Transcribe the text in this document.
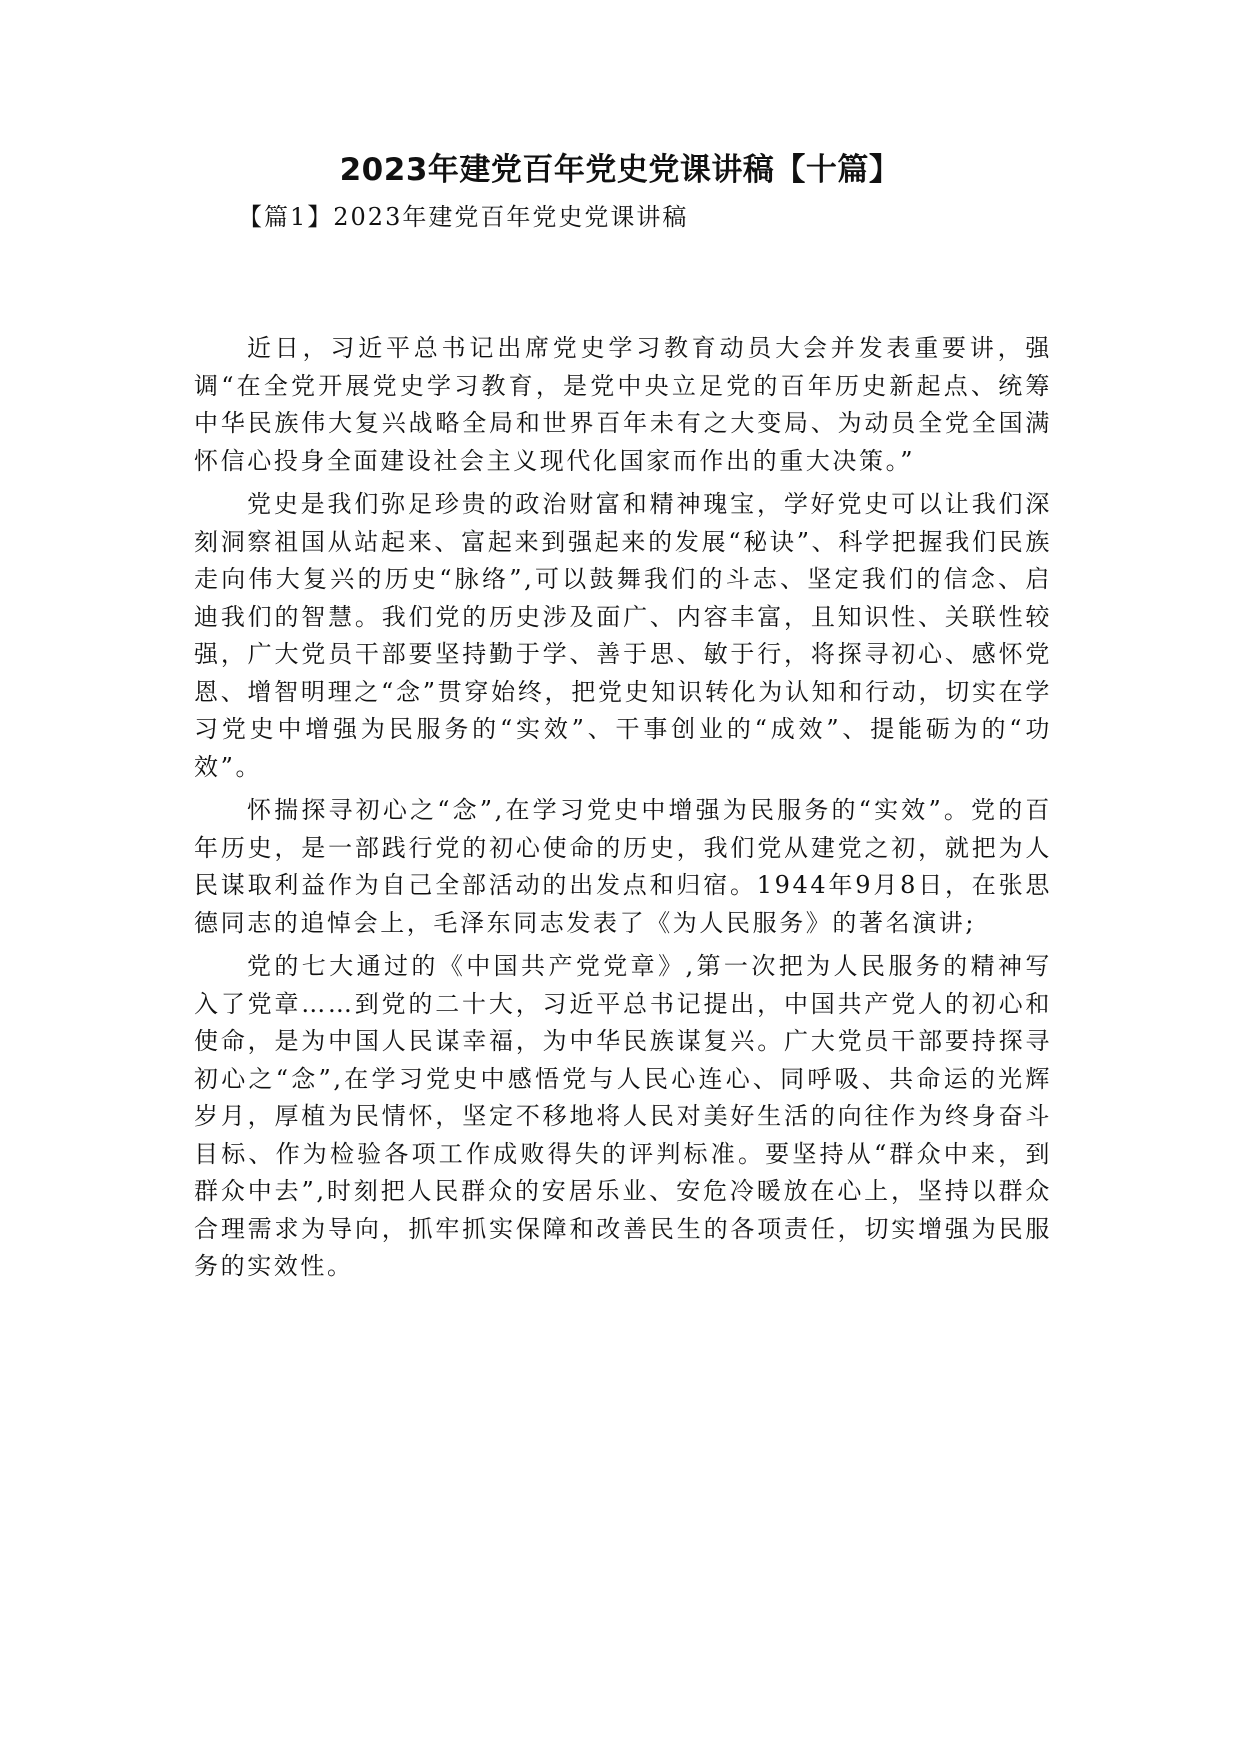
2023年建党百年党史党课讲稿【十篇】
【篇1】2023年建党百年党史党课讲稿

近日，习近平总书记出席党史学习教育动员大会并发表重要讲，强调“在全党开展党史学习教育，是党中央立足党的百年历史新起点、统筹中华民族伟大复兴战略全局和世界百年未有之大变局、为动员全党全国满怀信心投身全面建设社会主义现代化国家而作出的重大决策。”

党史是我们弥足珍贵的政治财富和精神瑰宝，学好党史可以让我们深刻洞察祖国从站起来、富起来到强起来的发展“秘诀”、科学把握我们民族走向伟大复兴的历史“脉络”,可以鼓舞我们的斗志、坚定我们的信念、启迪我们的智慧。我们党的历史涉及面广、内容丰富，且知识性、关联性较强，广大党员干部要坚持勤于学、善于思、敏于行，将探寻初心、感怀党恩、增智明理之“念”贯穿始终，把党史知识转化为认知和行动，切实在学习党史中增强为民服务的“实效”、干事创业的“成效”、提能砺为的“功效”。

怀揣探寻初心之“念”,在学习党史中增强为民服务的“实效”。党的百年历史，是一部践行党的初心使命的历史，我们党从建党之初，就把为人民谋取利益作为自己全部活动的出发点和归宿。1944年9月8日，在张思德同志的追悼会上，毛泽东同志发表了《为人民服务》的著名演讲;

党的七大通过的《中国共产党党章》,第一次把为人民服务的精神写入了党章……到党的二十大，习近平总书记提出，中国共产党人的初心和使命，是为中国人民谋幸福，为中华民族谋复兴。广大党员干部要持探寻初心之“念”,在学习党史中感悟党与人民心连心、同呼吸、共命运的光辉岁月，厚植为民情怀，坚定不移地将人民对美好生活的向往作为终身奋斗目标、作为检验各项工作成败得失的评判标准。要坚持从“群众中来，到群众中去”,时刻把人民群众的安居乐业、安危冷暖放在心上，坚持以群众合理需求为导向，抓牢抓实保障和改善民生的各项责任，切实增强为民服务的实效性。
